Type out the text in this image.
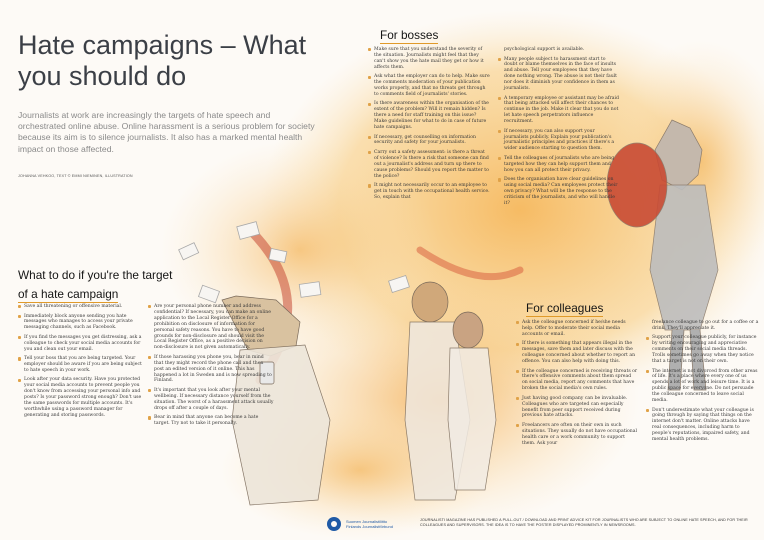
Hate campaigns – What you should do
Journalists at work are increasingly the targets of hate speech and orchestrated online abuse. Online harassment is a serious problem for society because its aim is to silence journalists. It also has a marked mental health impact on those affected.
JOHANNA VEHKOO, TEXT © EMMI NIEMINEN, ILLUSTRATION
For bosses
Make sure that you understand the severity of the situation. Journalists might feel that they can't show you the hate mail they get or how it affects them.
Ask what the employer can do to help. Make sure the comments moderation of your publication works properly, and that no threats get through to comments field of journalists' stories.
Is there awareness within the organisation of the extent of the problem? Will it remain hidden? Is there a need for staff training on this issue? Make guidelines for what to do in case of future hate campaigns.
If necessary, get counselling on information security and safety for your journalists.
Carry out a safety assessment: is there a threat of violence? Is there a risk that someone can find out a journalist's address and turn up there to cause problems? Should you report the matter to the police?
It might not necessarily occur to an employee to get in touch with the occupational health service. So, explain that
psychological support is available.
Many people subject to harassment start to doubt or blame themselves in the face of insults and abuse. Tell your employees that they have done nothing wrong. The abuse is not their fault nor does it diminish your confidence in them as journalists.
A temporary employee or assistant may be afraid that being attacked will affect their chances to continue in the job. Make it clear that you do not let hate speech perpetrators influence recruitment.
If necessary, you can also support your journalists publicly. Explain your publication's journalistic principles and practices if there's a wider audience starting to question them.
Tell the colleagues of journalists who are being targeted how they can help support them and how you can all protect their privacy.
Does the organisation have clear guidelines on using social media? Can employees protect their own privacy? What will be the response to the criticism of the journalists, and who will handle it?
What to do if you're the target
of a hate campaign
Save all threatening or offensive material.
Immediately block anyone sending you hate messages who manages to access your private messaging channels, such as Facebook.
If you find the messages you get distressing, ask a colleague to check your social media accounts for you and clean out your email.
Tell your boss that you are being targeted. Your employer should be aware if you are being subject to hate speech in your work.
Look after your data security. Have you protected your social media accounts to prevent people you don't know from accessing your personal info and posts? Is your password strong enough? Don't use the same passwords for multiple accounts. It's worthwhile using a password manager for generating and storing passwords.
Are your personal phone number and address confidential? If necessary, you can make an online application to the Local Register Office for a prohibition on disclosure of information for personal safety reasons. You have to have good grounds for non-disclosure and should visit the Local Register Office, as a positive decision on non-disclosure is not given automatically.
If those harassing you phone you, bear in mind that they might record the phone call and then post an edited version of it online. This has happened a lot in Sweden and is now spreading to Finland.
It's important that you look after your mental wellbeing. If necessary distance yourself from the situation. The worst of a harassment attack usually drops off after a couple of days.
Bear in mind that anyone can become a hate target. Try not to take it personally.
For colleagues
Ask the colleague concerned if he/she needs help. Offer to moderate their social media accounts or email.
If there is something that appears illegal in the messages, save them and later discuss with the colleague concerned about whether to report an offence. You can also help with doing this.
If the colleague concerned is receiving threats or there's offensive comments about them spread on social media, report any comments that have broken the social media's own rules.
Just having good company can be invaluable. Colleagues who are targeted can especially benefit from peer support received during previous hate attacks.
Freelancers are often on their own in such situations. They usually do not have occupational health care or a work community to support them. Ask your
freelance colleague to go out for a coffee or a drink. They'll appreciate it.
Support your colleague publicly, for instance by writing encouraging and appreciative comments on their social media threads. Trolls sometimes go away when they notice that a target is not on their own.
The internet is not divorced from other areas of life. It's a place where every one of us spends a lot of work and leisure time. It is a public space for everyone. Do not persuade the colleague concerned to leave social media.
Don't underestimate what your colleague is going through by saying that things on the internet don't matter. Online attacks have real consequences, including harm to people's reputations, impaired safety, and mental health problems.
Suomen Journalistiliitto
Finlands Journalistförbund
JOURNALISTI MAGAZINE HAS PUBLISHED A PULL-OUT / DOWNLOAD AND PRINT ADVICE KIT FOR JOURNALISTS WHO ARE SUBJECT TO ONLINE HATE SPEECH, AND FOR THEIR COLLEAGUES AND SUPERVISORS. THE IDEA IS TO HAVE THE POSTER DISPLAYED PROMINENTLY IN NEWSROOMS.
